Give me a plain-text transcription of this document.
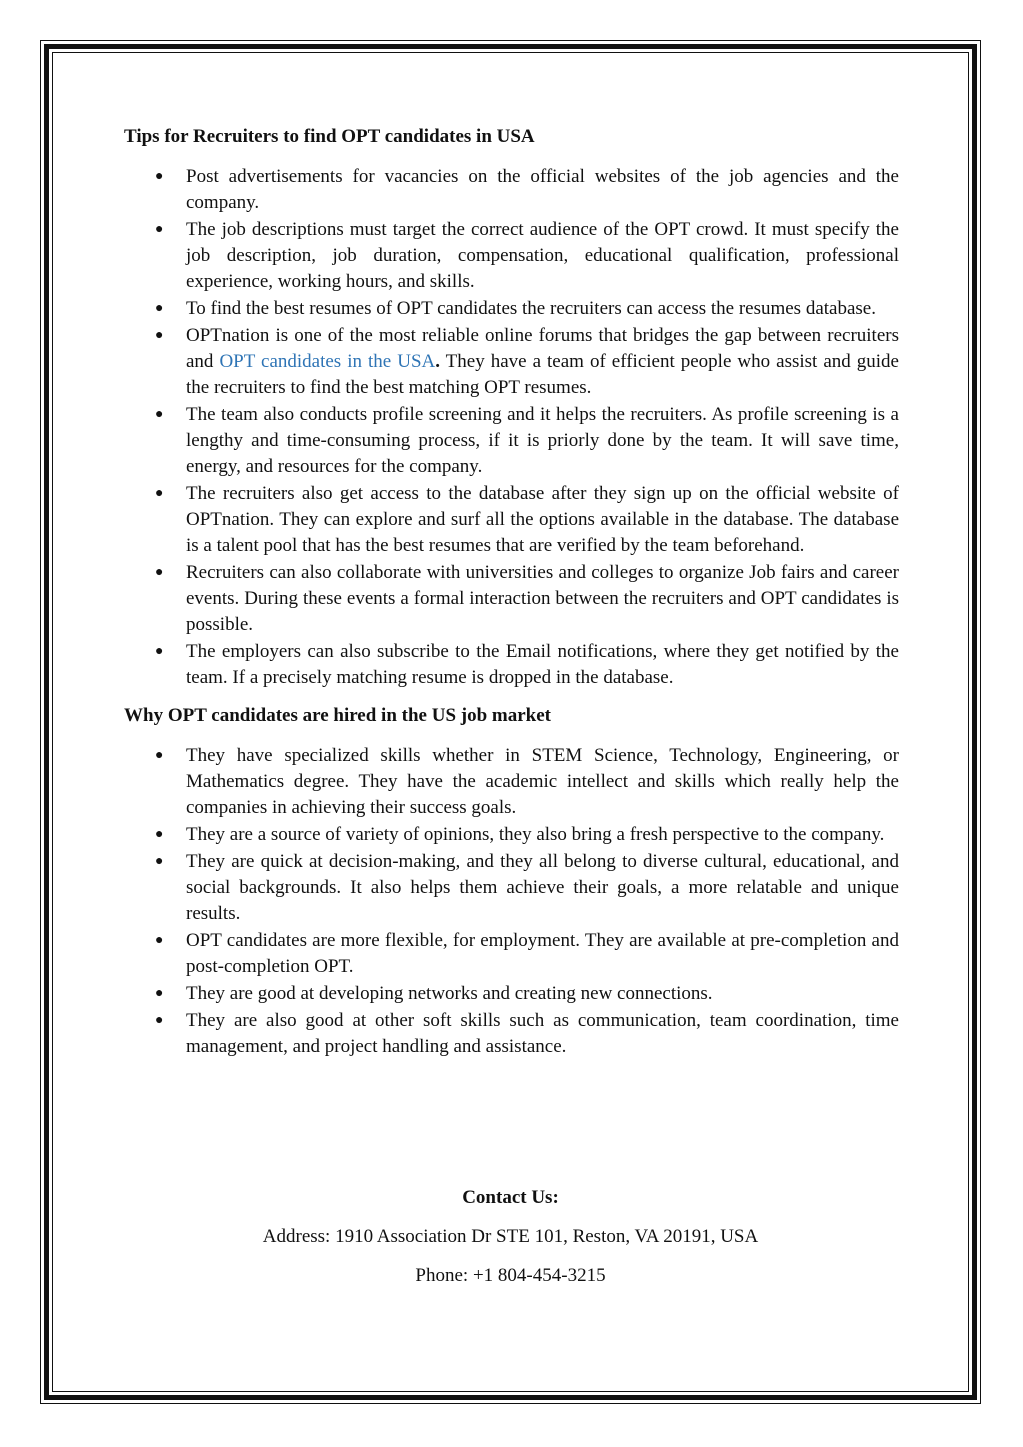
Tips for Recruiters to find OPT candidates in USA
● Post advertisements for vacancies on the official websites of the job agencies and the company.
● The job descriptions must target the correct audience of the OPT crowd. It must specify the job description, job duration, compensation, educational qualification, professional experience, working hours, and skills.
● To find the best resumes of OPT candidates the recruiters can access the resumes database.
● OPTnation is one of the most reliable online forums that bridges the gap between recruiters and OPT candidates in the USA. They have a team of efficient people who assist and guide the recruiters to find the best matching OPT resumes.
● The team also conducts profile screening and it helps the recruiters. As profile screening is a lengthy and time-consuming process, if it is priorly done by the team. It will save time, energy, and resources for the company.
● The recruiters also get access to the database after they sign up on the official website of OPTnation. They can explore and surf all the options available in the database. The database is a talent pool that has the best resumes that are verified by the team beforehand.
● Recruiters can also collaborate with universities and colleges to organize Job fairs and career events. During these events a formal interaction between the recruiters and OPT candidates is possible.
● The employers can also subscribe to the Email notifications, where they get notified by the team. If a precisely matching resume is dropped in the database.
Why OPT candidates are hired in the US job market
● They have specialized skills whether in STEM Science, Technology, Engineering, or Mathematics degree. They have the academic intellect and skills which really help the companies in achieving their success goals.
● They are a source of variety of opinions, they also bring a fresh perspective to the company.
● They are quick at decision-making, and they all belong to diverse cultural, educational, and social backgrounds. It also helps them achieve their goals, a more relatable and unique results.
● OPT candidates are more flexible, for employment. They are available at pre-completion and post-completion OPT.
● They are good at developing networks and creating new connections.
● They are also good at other soft skills such as communication, team coordination, time management, and project handling and assistance.
Contact Us:
Address: 1910 Association Dr STE 101, Reston, VA 20191, USA
Phone: +1 804-454-3215
